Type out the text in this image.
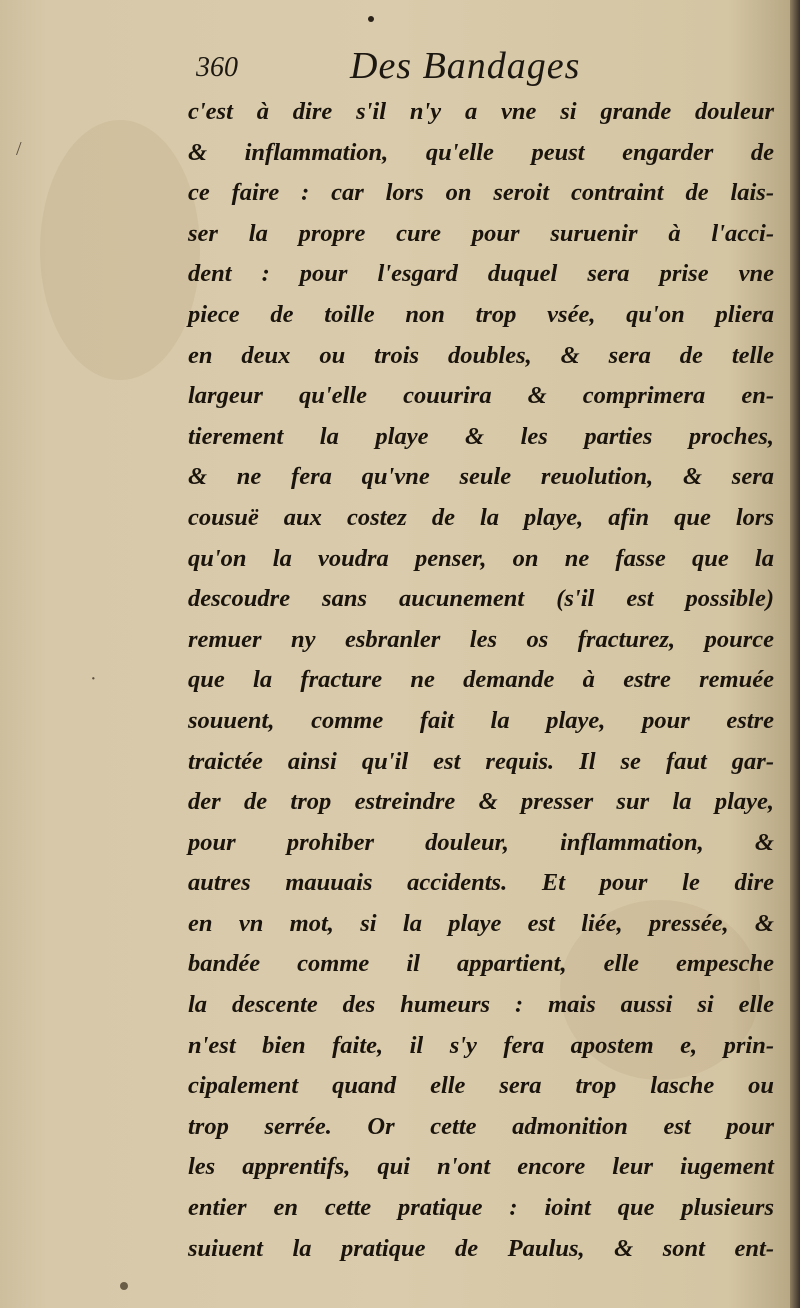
/
·
360	Des Bandages
c'est à dire s'il n'y a vne si grande douleur
& inflammation, qu'elle peust engarder de
ce faire : car lors on seroit contraint de lais-
ser la propre cure pour suruenir à l'acci-
dent : pour l'esgard duquel sera prise vne
piece de toille non trop vsée, qu'on pliera
en deux ou trois doubles, & sera de telle
largeur qu'elle couurira & comprimera en-
tierement la playe & les parties proches,
& ne fera qu'vne seule reuolution, & sera
cousuë aux costez de la playe, afin que lors
qu'on la voudra penser, on ne fasse que la
descoudre sans aucunement (s'il est possible)
remuer ny esbranler les os fracturez, pource
que la fracture ne demande à estre remuée
souuent, comme fait la playe, pour estre
traictée ainsi qu'il est requis. Il se faut gar-
der de trop estreindre & presser sur la playe,
pour prohiber douleur, inflammation, &
autres mauuais accidents. Et pour le dire
en vn mot, si la playe est liée, pressée, &
bandée comme il appartient, elle empesche
la descente des humeurs : mais aussi si elle
n'est bien faite, il s'y fera apostem e, prin-
cipalement quand elle sera trop lasche ou
trop serrée. Or cette admonition est pour
les apprentifs, qui n'ont encore leur iugement
entier en cette pratique : ioint que plusieurs
suiuent la pratique de Paulus, & sont ent-
